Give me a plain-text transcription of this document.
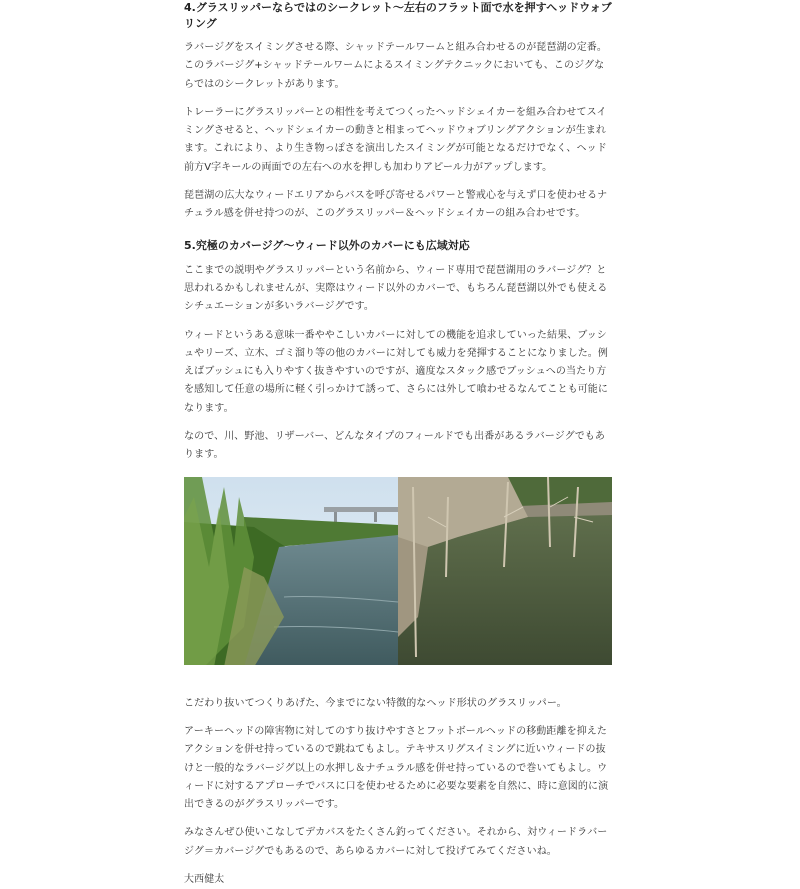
4.グラスリッパーならではのシークレット〜左右のフラット面で水を押すヘッドウォブリング

ラバージグをスイミングさせる際、シャッドテールワームと組み合わせるのが琵琶湖の定番。このラバージグ+シャッドテールワームによるスイミングテクニックにおいても、このジグならではのシークレットがあります。

トレーラーにグラスリッパーとの相性を考えてつくったヘッドシェイカーを組み合わせてスイミングさせると、ヘッドシェイカーの動きと相まってヘッドウォブリングアクションが生まれます。これにより、より生き物っぽさを演出したスイミングが可能となるだけでなく、ヘッド前方V字キールの両面での左右への水を押しも加わりアピール力がアップします。

琵琶湖の広大なウィードエリアからバスを呼び寄せるパワーと警戒心を与えず口を使わせるナチュラル感を併せ持つのが、このグラスリッパー＆ヘッドシェイカーの組み合わせです。

5.究極のカバージグ〜ウィード以外のカバーにも広域対応

ここまでの説明やグラスリッパーという名前から、ウィード専用で琵琶湖用のラバージグ？と思われるかもしれませんが、実際はウィード以外のカバーで、もちろん琵琶湖以外でも使えるシチュエーションが多いラバージグです。

ウィードというある意味一番ややこしいカバーに対しての機能を追求していった結果、ブッシュやリーズ、立木、ゴミ溜り等の他のカバーに対しても威力を発揮することになりました。例えばブッシュにも入りやすく抜きやすいのですが、適度なスタック感でブッシュへの当たり方を感知して任意の場所に軽く引っかけて誘って、さらには外して喰わせるなんてことも可能になります。

なので、川、野池、リザーバー、どんなタイプのフィールドでも出番があるラバージグでもあります。

こだわり抜いてつくりあげた、今までにない特徴的なヘッド形状のグラスリッパー。

アーキーヘッドの障害物に対してのすり抜けやすさとフットボールヘッドの移動距離を抑えたアクションを併せ持っているので跳ねてもよし。テキサスリグスイミングに近いウィードの抜けと一般的なラバージグ以上の水押し＆ナチュラル感を併せ持っているので巻いてもよし。ウィードに対するアプローチでバスに口を使わせるために必要な要素を自然に、時に意図的に演出できるのがグラスリッパーです。

みなさんぜひ使いこなしてデカバスをたくさん釣ってください。それから、対ウィードラバージグ＝カバージグでもあるので、あらゆるカバーに対して投げてみてくださいね。

大西健太
